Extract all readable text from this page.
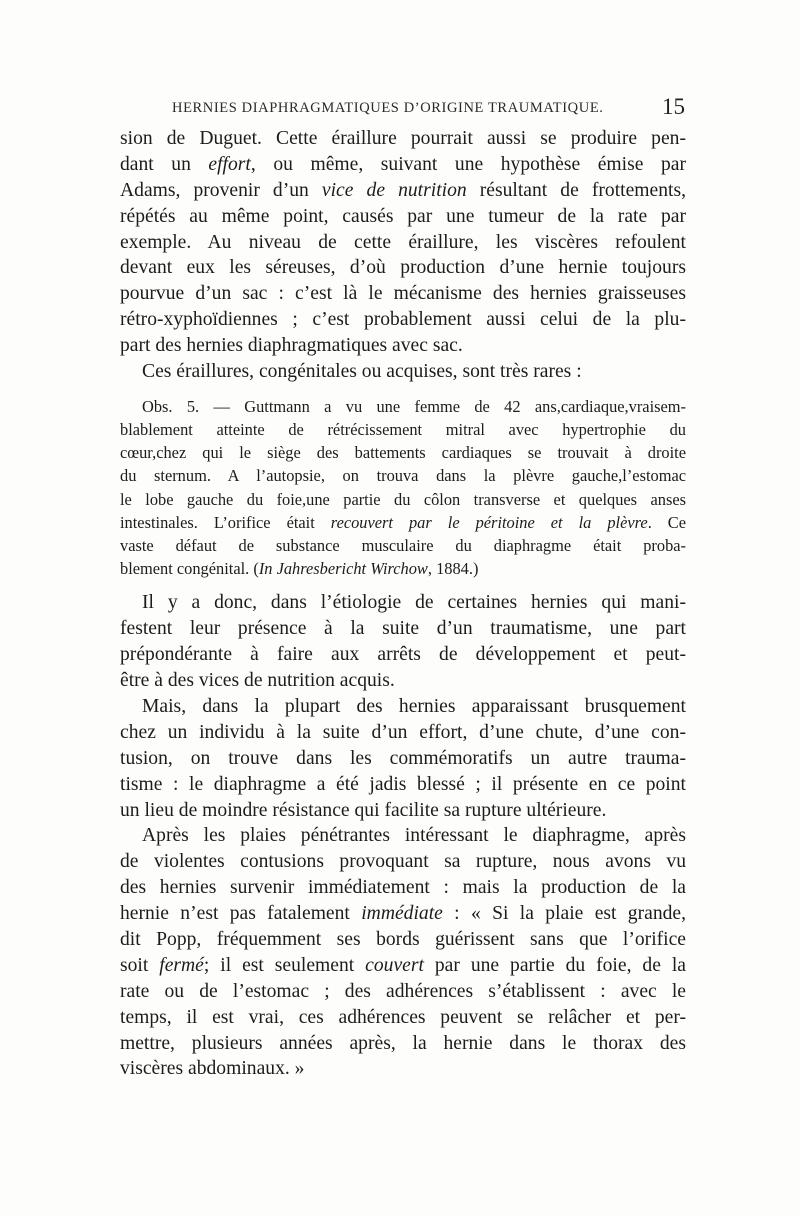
HERNIES DIAPHRAGMATIQUES D’ORIGINE TRAUMATIQUE.	15

sion de Duguet. Cette éraillure pourrait aussi se produire pen-
dant un effort, ou même, suivant une hypothèse émise par
Adams, provenir d’un vice de nutrition résultant de frottements,
répétés au même point, causés par une tumeur de la rate par
exemple. Au niveau de cette éraillure, les viscères refoulent
devant eux les séreuses, d’où production d’une hernie toujours
pourvue d’un sac : c’est là le mécanisme des hernies graisseuses
rétro-xyphoïdiennes ; c’est probablement aussi celui de la plu-
part des hernies diaphragmatiques avec sac.

Ces éraillures, congénitales ou acquises, sont très rares :

Obs. 5. — Guttmann a vu une femme de 42 ans,cardiaque,vraisem-
blablement atteinte de rétrécissement mitral avec hypertrophie du
cœur,chez qui le siège des battements cardiaques se trouvait à droite
du sternum. A l’autopsie, on trouva dans la plèvre gauche,l’estomac
le lobe gauche du foie,une partie du côlon transverse et quelques anses
intestinales. L’orifice était recouvert par le péritoine et la plèvre. Ce
vaste défaut de substance musculaire du diaphragme était proba-
blement congénital. (In Jahresbericht Wirchow, 1884.)

Il y a donc, dans l’étiologie de certaines hernies qui mani-
festent leur présence à la suite d’un traumatisme, une part
prépondérante à faire aux arrêts de développement et peut-
être à des vices de nutrition acquis.

Mais, dans la plupart des hernies apparaissant brusquement
chez un individu à la suite d’un effort, d’une chute, d’une con-
tusion, on trouve dans les commémoratifs un autre trauma-
tisme : le diaphragme a été jadis blessé ; il présente en ce point
un lieu de moindre résistance qui facilite sa rupture ultérieure.

Après les plaies pénétrantes intéressant le diaphragme, après
de violentes contusions provoquant sa rupture, nous avons vu
des hernies survenir immédiatement : mais la production de la
hernie n’est pas fatalement immédiate : « Si la plaie est grande,
dit Popp, fréquemment ses bords guérissent sans que l’orifice
soit fermé; il est seulement couvert par une partie du foie, de la
rate ou de l’estomac ; des adhérences s’établissent : avec le
temps, il est vrai, ces adhérences peuvent se relâcher et per-
mettre, plusieurs années après, la hernie dans le thorax des
viscères abdominaux. »
